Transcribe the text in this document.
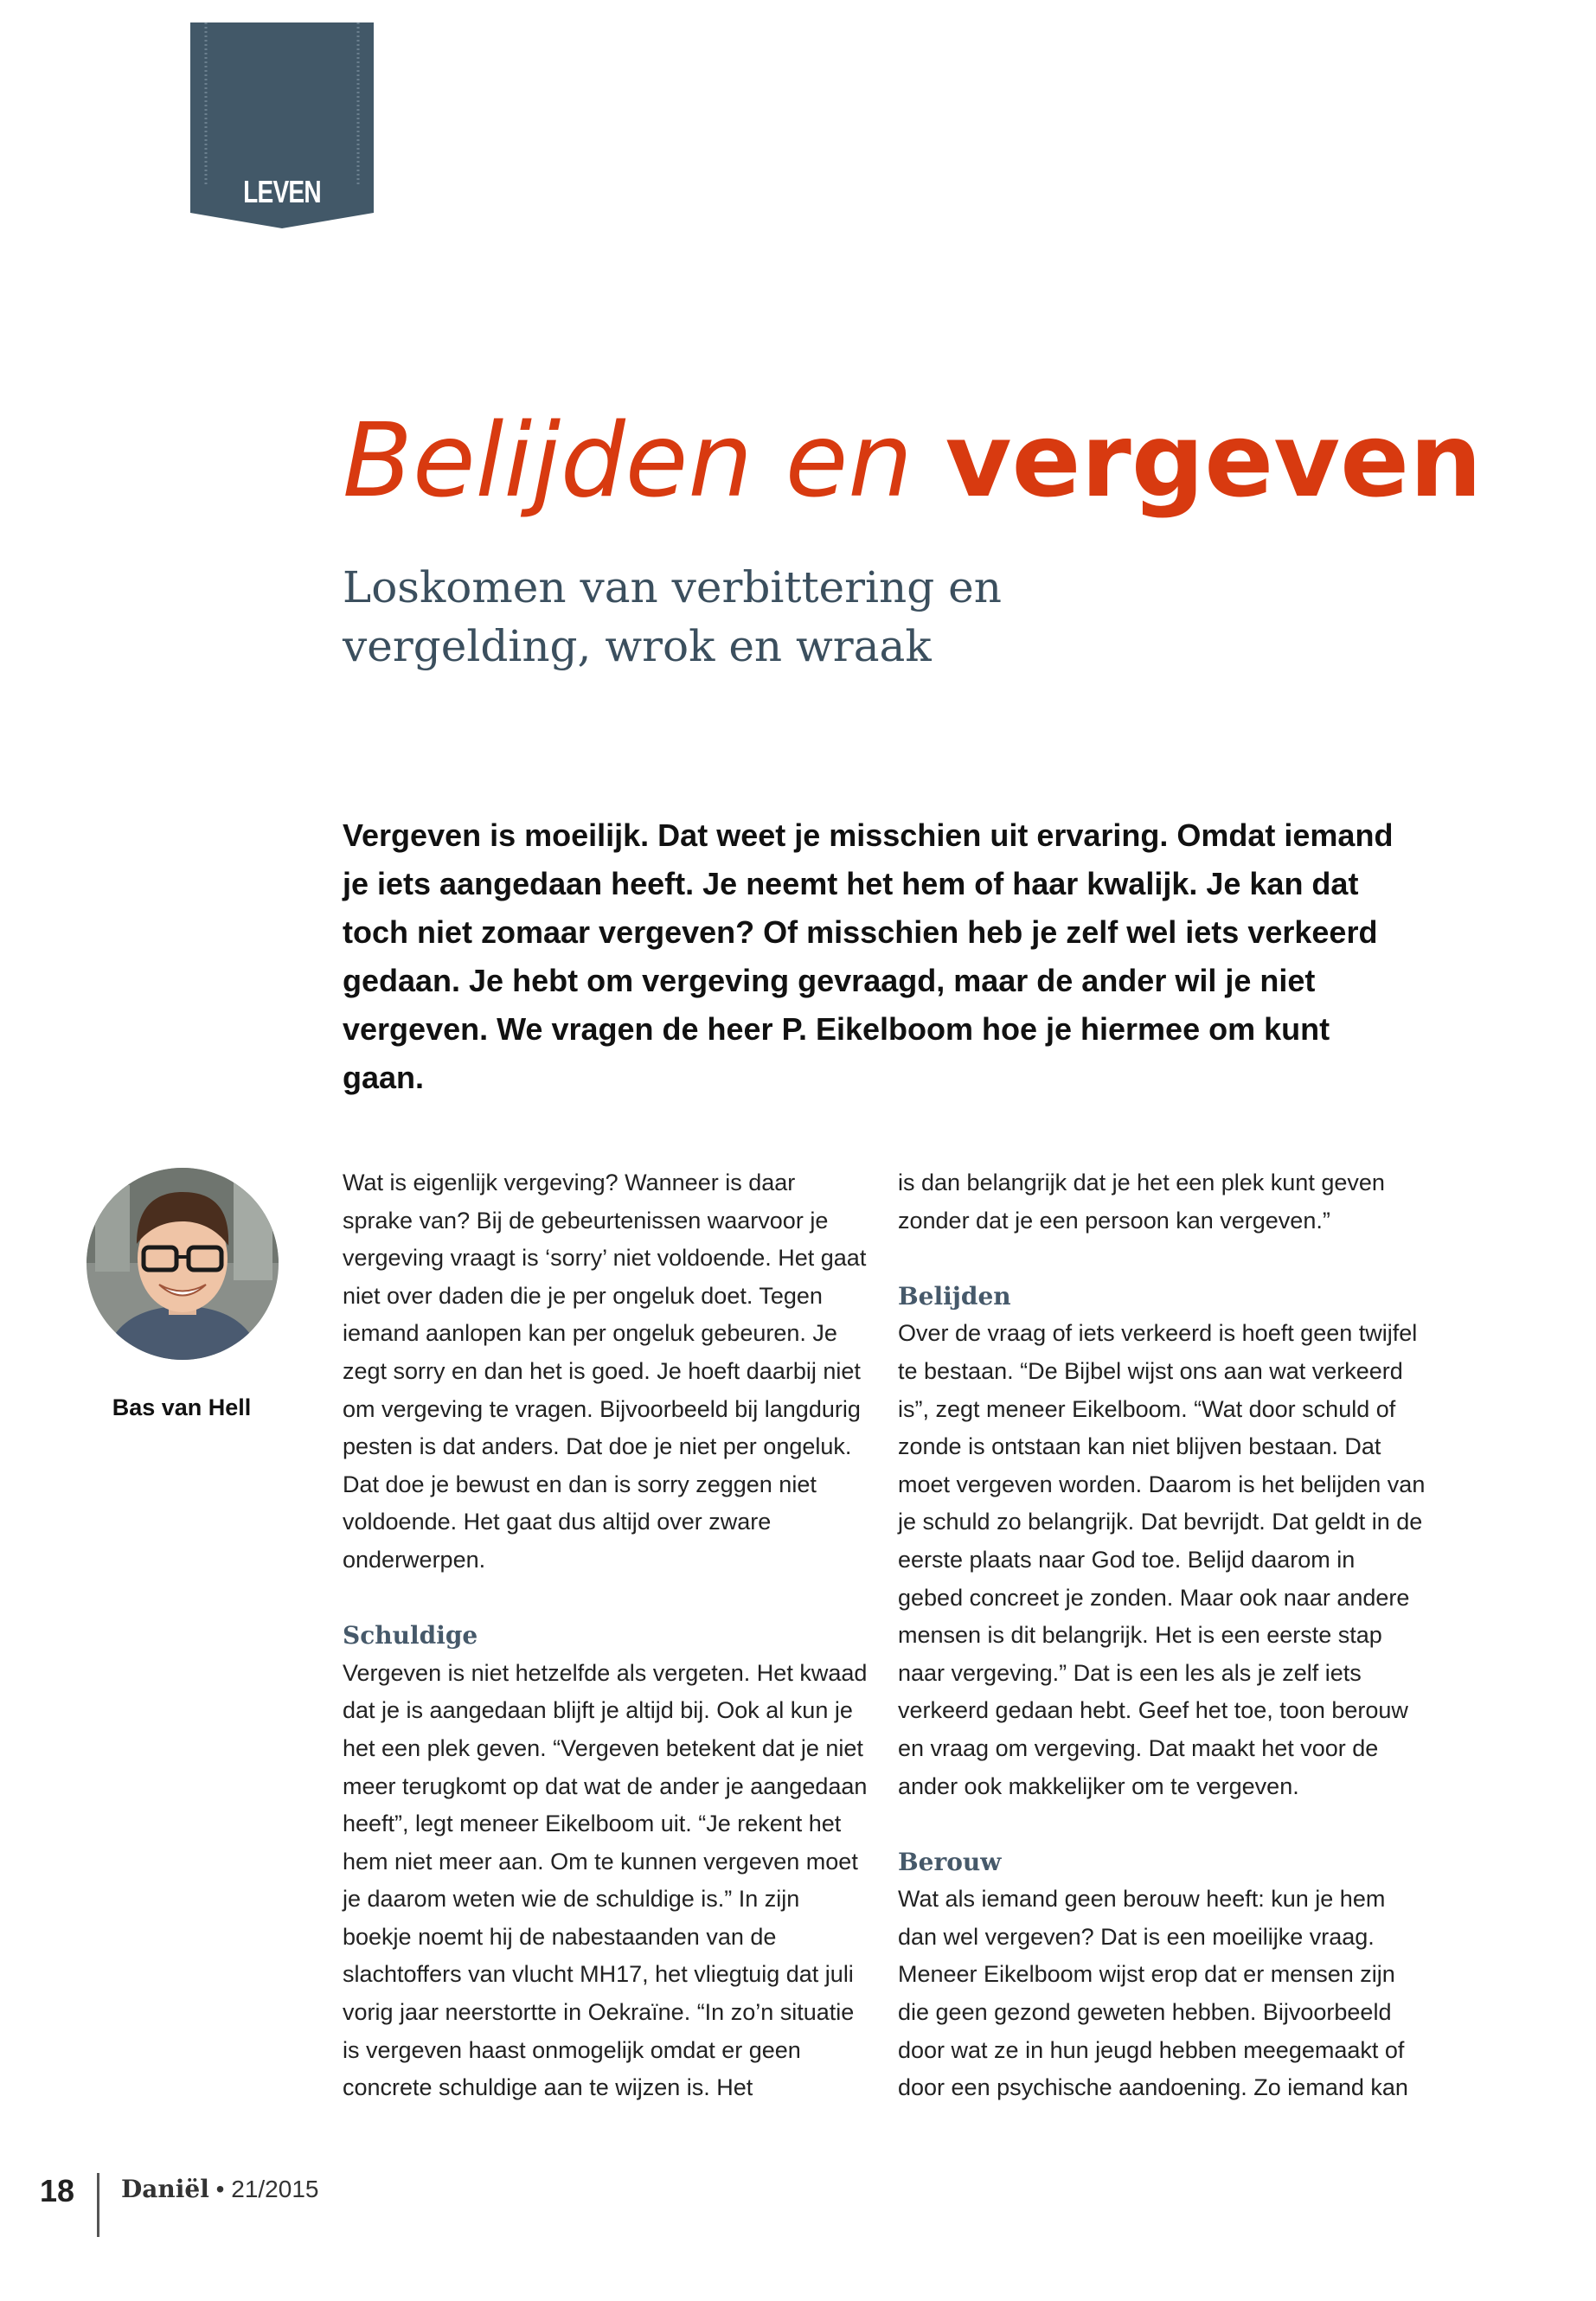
LEVEN
Belijden en vergeven
Loskomen van verbittering en vergelding, wrok en wraak

Vergeven is moeilijk. Dat weet je misschien uit ervaring. Omdat iemand je iets aangedaan heeft. Je neemt het hem of haar kwalijk. Je kan dat toch niet zomaar vergeven? Of misschien heb je zelf wel iets verkeerd gedaan. Je hebt om vergeving gevraagd, maar de ander wil je niet vergeven. We vragen de heer P. Eikelboom hoe je hiermee om kunt gaan.

Bas van Hell

Wat is eigenlijk vergeving? Wanneer is daar sprake van? Bij de gebeurtenissen waarvoor je vergeving vraagt is ‘sorry’ niet voldoende. Het gaat niet over daden die je per ongeluk doet. Tegen iemand aanlopen kan per ongeluk gebeuren. Je zegt sorry en dan het is goed. Je hoeft daarbij niet om vergeving te vragen. Bijvoorbeeld bij langdurig pesten is dat anders. Dat doe je niet per ongeluk. Dat doe je bewust en dan is sorry zeggen niet voldoende. Het gaat dus altijd over zware onderwerpen.

Schuldige

Vergeven is niet hetzelfde als vergeten. Het kwaad dat je is aangedaan blijft je altijd bij. Ook al kun je het een plek geven. “Vergeven betekent dat je niet meer terugkomt op dat wat de ander je aangedaan heeft”, legt meneer Eikelboom uit. “Je rekent het hem niet meer aan. Om te kunnen vergeven moet je daarom weten wie de schuldige is.” In zijn boekje noemt hij de nabestaanden van de slachtoffers van vlucht MH17, het vliegtuig dat juli vorig jaar neerstortte in Oekraïne. “In zo’n situatie is vergeven haast onmogelijk omdat er geen concrete schuldige aan te wijzen is. Het

is dan belangrijk dat je het een plek kunt geven zonder dat je een persoon kan vergeven.”

Belijden

Over de vraag of iets verkeerd is hoeft geen twijfel te bestaan. “De Bijbel wijst ons aan wat verkeerd is”, zegt meneer Eikelboom. “Wat door schuld of zonde is ontstaan kan niet blijven bestaan. Dat moet vergeven worden. Daarom is het belijden van je schuld zo belangrijk. Dat bevrijdt. Dat geldt in de eerste plaats naar God toe. Belijd daarom in gebed concreet je zonden. Maar ook naar andere mensen is dit belangrijk. Het is een eerste stap naar vergeving.” Dat is een les als je zelf iets verkeerd gedaan hebt. Geef het toe, toon berouw en vraag om vergeving. Dat maakt het voor de ander ook makkelijker om te vergeven.

Berouw

Wat als iemand geen berouw heeft: kun je hem dan wel vergeven? Dat is een moeilijke vraag. Meneer Eikelboom wijst erop dat er mensen zijn die geen gezond geweten hebben. Bijvoorbeeld door wat ze in hun jeugd hebben meegemaakt of door een psychische aandoening. Zo iemand kan

18 Daniël • 21/2015
